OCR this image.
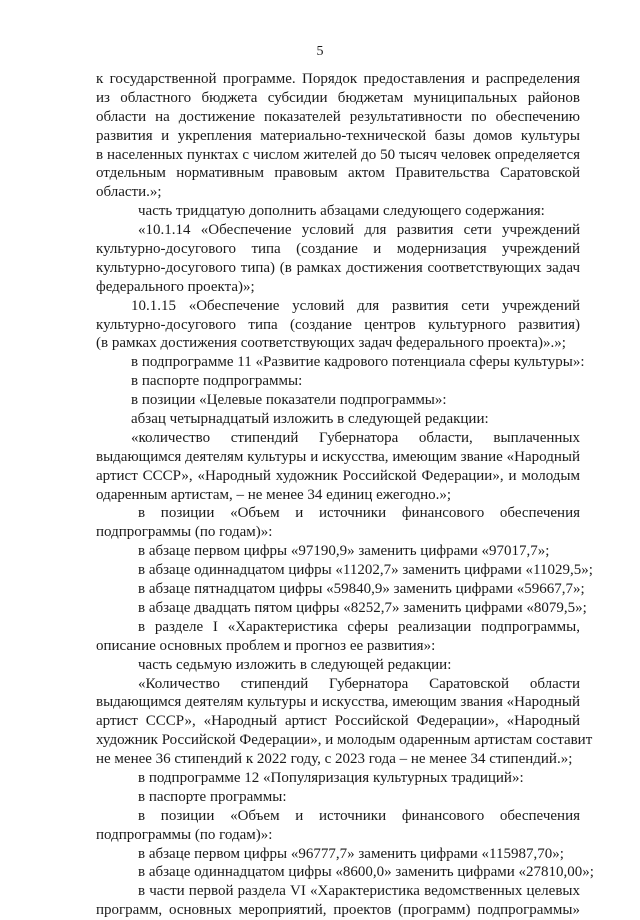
5
к государственной программе. Порядок предоставления и распределения
из областного бюджета субсидии бюджетам муниципальных районов
области на достижение показателей результативности по обеспечению
развития и укрепления материально-технической базы домов культуры
в населенных пунктах с числом жителей до 50 тысяч человек определяется
отдельным нормативным правовым актом Правительства Саратовской
области.»;
часть тридцатую дополнить абзацами следующего содержания:
«10.1.14 «Обеспечение условий для развития сети учреждений
культурно-досугового типа (создание и модернизация учреждений
культурно-досугового типа) (в рамках достижения соответствующих задач
федерального проекта)»;
10.1.15 «Обеспечение условий для развития сети учреждений
культурно-досугового типа (создание центров культурного развития)
(в рамках достижения соответствующих задач федерального проекта)».»;
в подпрограмме 11 «Развитие кадрового потенциала сферы культуры»:
в паспорте подпрограммы:
в позиции «Целевые показатели подпрограммы»:
абзац четырнадцатый изложить в следующей редакции:
«количество стипендий Губернатора области, выплаченных
выдающимся деятелям культуры и искусства, имеющим звание «Народный
артист СССР», «Народный художник Российской Федерации», и молодым
одаренным артистам, – не менее 34 единиц ежегодно.»;
в позиции «Объем и источники финансового обеспечения
подпрограммы (по годам)»:
в абзаце первом цифры «97190,9» заменить цифрами «97017,7»;
в абзаце одиннадцатом цифры «11202,7» заменить цифрами «11029,5»;
в абзаце пятнадцатом цифры «59840,9» заменить цифрами «59667,7»;
в абзаце двадцать пятом цифры «8252,7» заменить цифрами «8079,5»;
в разделе I «Характеристика сферы реализации подпрограммы,
описание основных проблем и прогноз ее развития»:
часть седьмую изложить в следующей редакции:
«Количество стипендий Губернатора Саратовской области
выдающимся деятелям культуры и искусства, имеющим звания «Народный
артист СССР», «Народный артист Российской Федерации», «Народный
художник Российской Федерации», и молодым одаренным артистам составит
не менее 36 стипендий к 2022 году, с 2023 года – не менее 34 стипендий.»;
в подпрограмме 12 «Популяризация культурных традиций»:
в паспорте программы:
в позиции «Объем и источники финансового обеспечения
подпрограммы (по годам)»:
в абзаце первом цифры «96777,7» заменить цифрами «115987,70»;
в абзаце одиннадцатом цифры «8600,0» заменить цифрами «27810,00»;
в части первой раздела VI «Характеристика ведомственных целевых
программ, основных мероприятий, проектов (программ) подпрограммы»
